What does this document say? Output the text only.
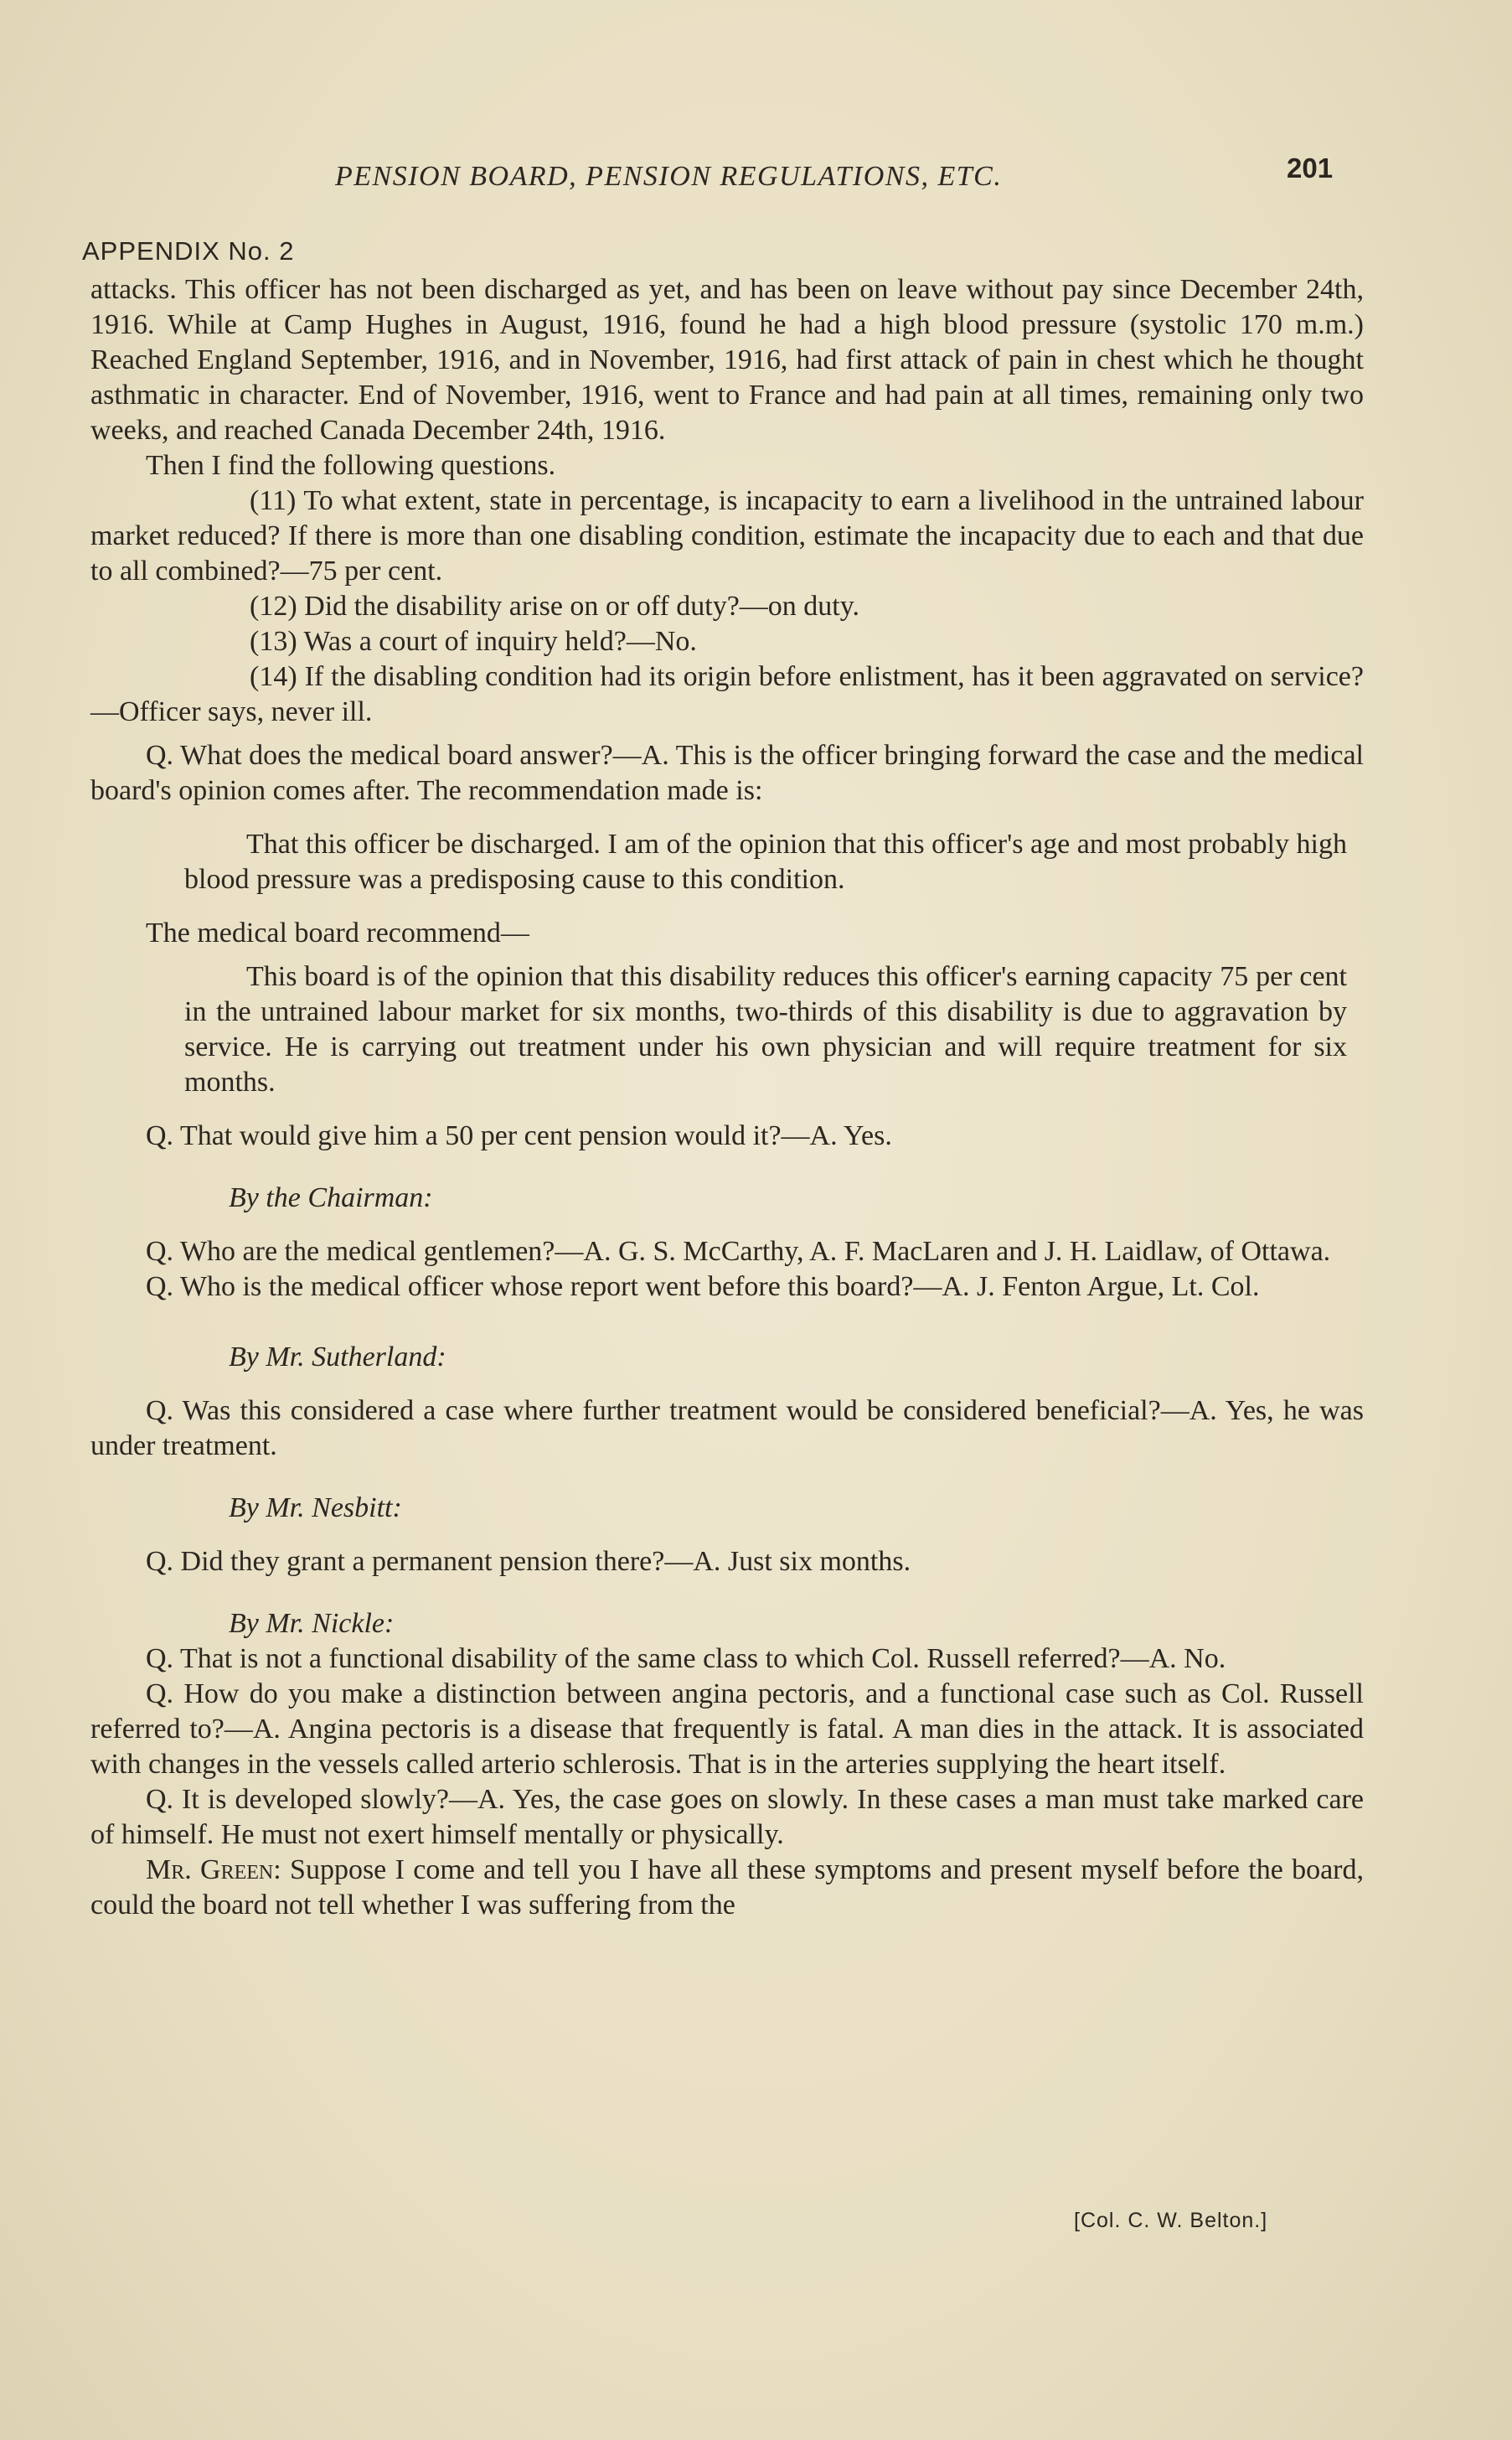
PENSION BOARD, PENSION REGULATIONS, ETC.	201
APPENDIX No. 2

attacks. This officer has not been discharged as yet, and has been on leave without pay since December 24th, 1916. While at Camp Hughes in August, 1916, found he had a high blood pressure (systolic 170 m.m.) Reached England September, 1916, and in November, 1916, had first attack of pain in chest which he thought asthmatic in character. End of November, 1916, went to France and had pain at all times, remaining only two weeks, and reached Canada December 24th, 1916.

Then I find the following questions.

(11) To what extent, state in percentage, is incapacity to earn a livelihood in the untrained labour market reduced? If there is more than one disabling condition, estimate the incapacity due to each and that due to all combined?—75 per cent.

(12) Did the disability arise on or off duty?—on duty.

(13) Was a court of inquiry held?—No.

(14) If the disabling condition had its origin before enlistment, has it been aggravated on service?—Officer says, never ill.

Q. What does the medical board answer?—A. This is the officer bringing forward the case and the medical board's opinion comes after. The recommendation made is:

That this officer be discharged. I am of the opinion that this officer's age and most probably high blood pressure was a predisposing cause to this condition.

The medical board recommend—

This board is of the opinion that this disability reduces this officer's earning capacity 75 per cent in the untrained labour market for six months, two-thirds of this disability is due to aggravation by service. He is carrying out treatment under his own physician and will require treatment for six months.

Q. That would give him a 50 per cent pension would it?—A. Yes.

By the Chairman:

Q. Who are the medical gentlemen?—A. G. S. McCarthy, A. F. MacLaren and J. H. Laidlaw, of Ottawa.

Q. Who is the medical officer whose report went before this board?—A. J. Fenton Argue, Lt. Col.

By Mr. Sutherland:

Q. Was this considered a case where further treatment would be considered beneficial?—A. Yes, he was under treatment.

By Mr. Nesbitt:

Q. Did they grant a permanent pension there?—A. Just six months.

By Mr. Nickle:

Q. That is not a functional disability of the same class to which Col. Russell referred?—A. No.

Q. How do you make a distinction between angina pectoris, and a functional case such as Col. Russell referred to?—A. Angina pectoris is a disease that frequently is fatal. A man dies in the attack. It is associated with changes in the vessels called arterio schlerosis. That is in the arteries supplying the heart itself.

Q. It is developed slowly?—A. Yes, the case goes on slowly. In these cases a man must take marked care of himself. He must not exert himself mentally or physically.

Mr. Green: Suppose I come and tell you I have all these symptoms and present myself before the board, could the board not tell whether I was suffering from the

[Col. C. W. Belton.]
